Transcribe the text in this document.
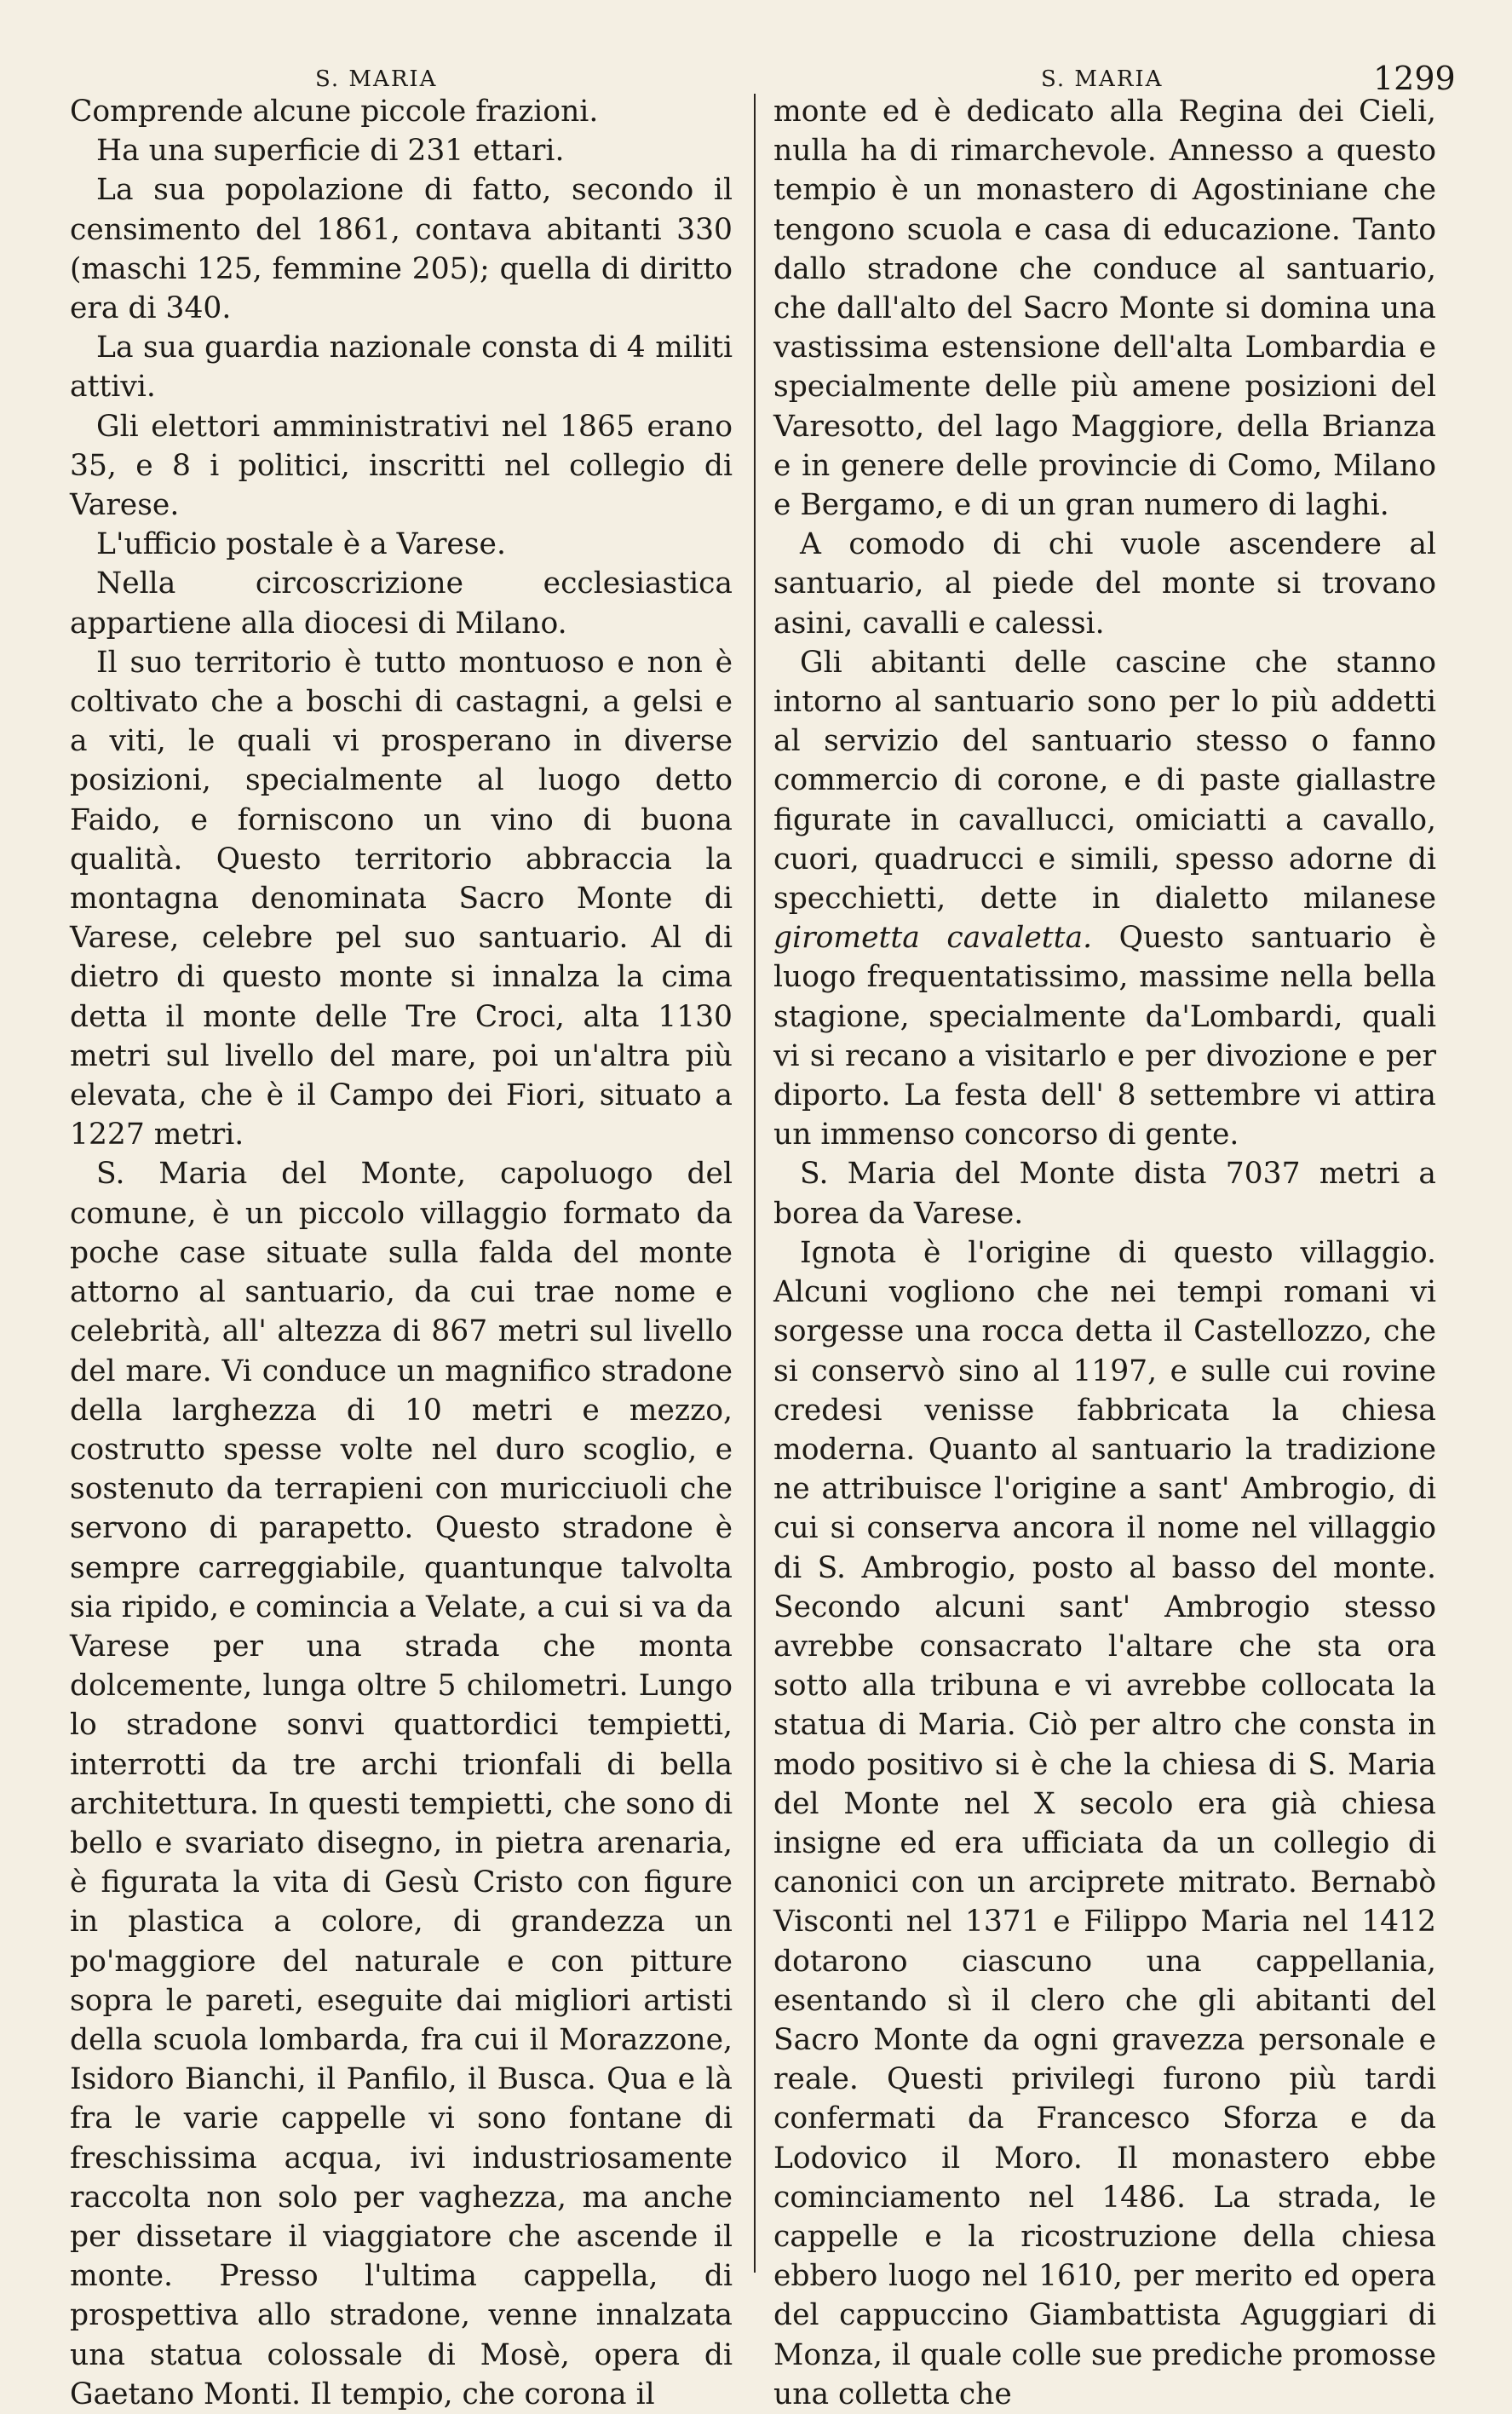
S. MARIA	S. MARIA	1299

Comprende alcune piccole frazioni.

Ha una superficie di 231 ettari.

La sua popolazione di fatto, secondo il censimento del 1861, contava abitanti 330 (maschi 125, femmine 205); quella di diritto era di 340.

La sua guardia nazionale consta di 4 militi attivi.

Gli elettori amministrativi nel 1865 erano 35, e 8 i politici, inscritti nel collegio di Varese.

L'ufficio postale è a Varese.

Nella circoscrizione ecclesiastica appartiene alla diocesi di Milano.

Il suo territorio è tutto montuoso e non è coltivato che a boschi di castagni, a gelsi e a viti, le quali vi prosperano in diverse posizioni, specialmente al luogo detto Faido, e forniscono un vino di buona qualità. Questo territorio abbraccia la montagna denominata Sacro Monte di Varese, celebre pel suo santuario. Al di dietro di questo monte si innalza la cima detta il monte delle Tre Croci, alta 1130 metri sul livello del mare, poi un'altra più elevata, che è il Campo dei Fiori, situato a 1227 metri.

S. Maria del Monte, capoluogo del comune, è un piccolo villaggio formato da poche case situate sulla falda del monte attorno al santuario, da cui trae nome e celebrità, all' altezza di 867 metri sul livello del mare. Vi conduce un magnifico stradone della larghezza di 10 metri e mezzo, costrutto spesse volte nel duro scoglio, e sostenuto da terrapieni con muricciuoli che servono di parapetto. Questo stradone è sempre carreggiabile, quantunque talvolta sia ripido, e comincia a Velate, a cui si va da Varese per una strada che monta dolcemente, lunga oltre 5 chilometri. Lungo lo stradone sonvi quattordici tempietti, interrotti da tre archi trionfali di bella architettura. In questi tempietti, che sono di bello e svariato disegno, in pietra arenaria, è figurata la vita di Gesù Cristo con figure in plastica a colore, di grandezza un po'maggiore del naturale e con pitture sopra le pareti, eseguite dai migliori artisti della scuola lombarda, fra cui il Morazzone, Isidoro Bianchi, il Panfilo, il Busca. Qua e là fra le varie cappelle vi sono fontane di freschissima acqua, ivi industriosamente raccolta non solo per vaghezza, ma anche per dissetare il viaggiatore che ascende il monte. Presso l'ultima cappella, di prospettiva allo stradone, venne innalzata una statua colossale di Mosè, opera di Gaetano Monti. Il tempio, che corona il

monte ed è dedicato alla Regina dei Cieli, nulla ha di rimarchevole. Annesso a questo tempio è un monastero di Agostiniane che tengono scuola e casa di educazione. Tanto dallo stradone che conduce al santuario, che dall'alto del Sacro Monte si domina una vastissima estensione dell'alta Lombardia e specialmente delle più amene posizioni del Varesotto, del lago Maggiore, della Brianza e in genere delle provincie di Como, Milano e Bergamo, e di un gran numero di laghi.

A comodo di chi vuole ascendere al santuario, al piede del monte si trovano asini, cavalli e calessi.

Gli abitanti delle cascine che stanno intorno al santuario sono per lo più addetti al servizio del santuario stesso o fanno commercio di corone, e di paste giallastre figurate in cavallucci, omiciatti a cavallo, cuori, quadrucci e simili, spesso adorne di specchietti, dette in dialetto milanese girometta cavaletta. Questo santuario è luogo frequentatissimo, massime nella bella stagione, specialmente da'Lombardi, quali vi si recano a visitarlo e per divozione e per diporto. La festa dell' 8 settembre vi attira un immenso concorso di gente.

S. Maria del Monte dista 7037 metri a borea da Varese.

Ignota è l'origine di questo villaggio. Alcuni vogliono che nei tempi romani vi sorgesse una rocca detta il Castellozzo, che si conservò sino al 1197, e sulle cui rovine credesi venisse fabbricata la chiesa moderna. Quanto al santuario la tradizione ne attribuisce l'origine a sant' Ambrogio, di cui si conserva ancora il nome nel villaggio di S. Ambrogio, posto al basso del monte. Secondo alcuni sant' Ambrogio stesso avrebbe consacrato l'altare che sta ora sotto alla tribuna e vi avrebbe collocata la statua di Maria. Ciò per altro che consta in modo positivo si è che la chiesa di S. Maria del Monte nel X secolo era già chiesa insigne ed era ufficiata da un collegio di canonici con un arciprete mitrato. Bernabò Visconti nel 1371 e Filippo Maria nel 1412 dotarono ciascuno una cappellania, esentando sì il clero che gli abitanti del Sacro Monte da ogni gravezza personale e reale. Questi privilegi furono più tardi confermati da Francesco Sforza e da Lodovico il Moro. Il monastero ebbe cominciamento nel 1486. La strada, le cappelle e la ricostruzione della chiesa ebbero luogo nel 1610, per merito ed opera del cappuccino Giambattista Aguggiari di Monza, il quale colle sue prediche promosse una colletta che
